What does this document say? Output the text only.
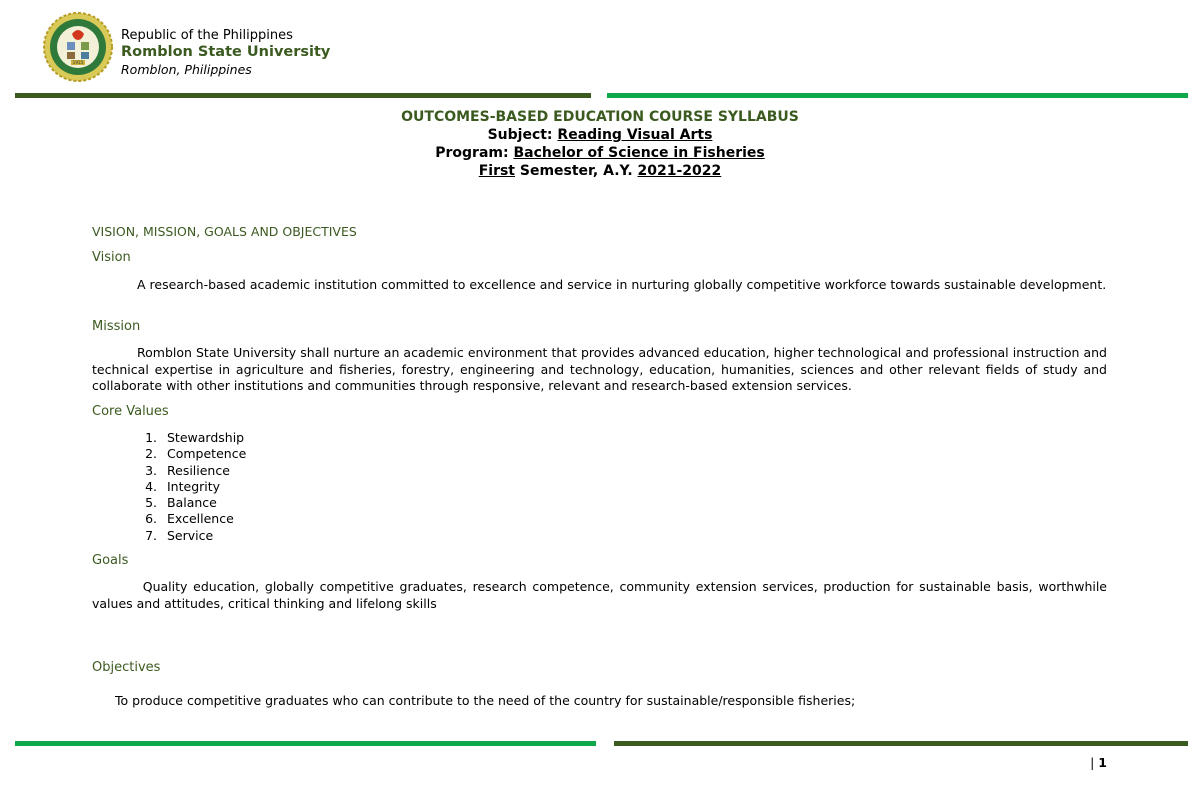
1915
Republic of the Philippines
Romblon State University
Romblon, Philippines
OUTCOMES-BASED EDUCATION COURSE SYLLABUS
Subject: Reading Visual Arts
Program: Bachelor of Science in Fisheries
First Semester, A.Y. 2021-2022
VISION, MISSION, GOALS AND OBJECTIVES
Vision

A research-based academic institution committed to excellence and service in nurturing globally competitive workforce towards sustainable development.

Mission

Romblon State University shall nurture an academic environment that provides advanced education, higher technological and professional instruction and technical expertise in agriculture and fisheries, forestry, engineering and technology, education, humanities, sciences and other relevant fields of study and collaborate with other institutions and communities through responsive, relevant and research-based extension services.

Core Values
1. Stewardship
2. Competence
3. Resilience
4. Integrity
5. Balance
6. Excellence
7. Service
Goals

Quality education, globally competitive graduates, research competence, community extension services, production for sustainable basis, worthwhile values and attitudes, critical thinking and lifelong skills

Objectives

To produce competitive graduates who can contribute to the need of the country for sustainable/responsible fisheries;

| 1
